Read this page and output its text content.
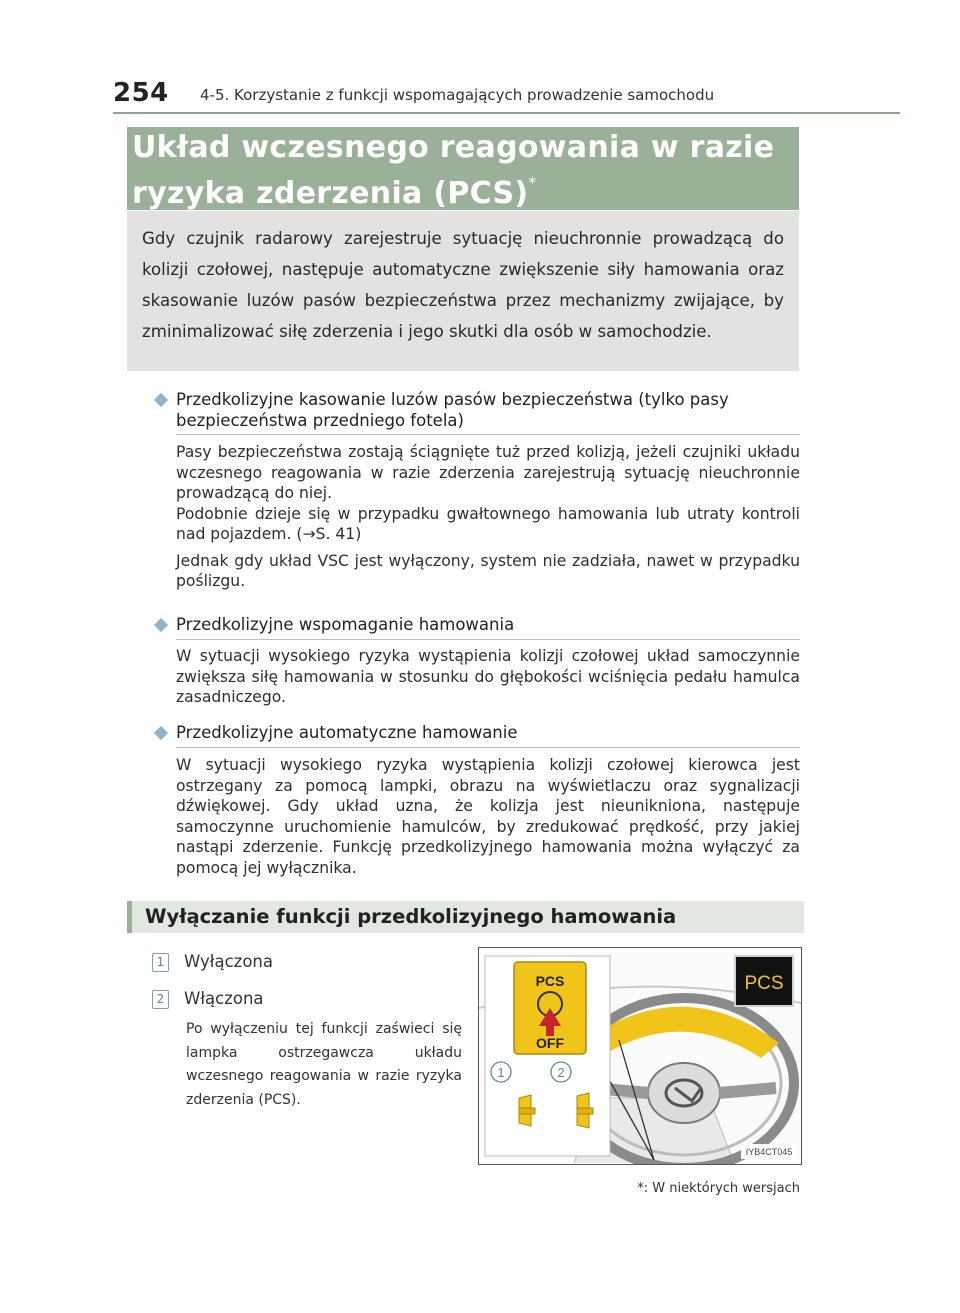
254 4-5. Korzystanie z funkcji wspomagających prowadzenie samochodu
Układ wczesnego reagowania w razie
ryzyka zderzenia (PCS)*
Gdy czujnik radarowy zarejestruje sytuację nieuchronnie prowadzącą do kolizji czołowej, następuje automatyczne zwiększenie siły hamowania oraz skasowanie luzów pasów bezpieczeństwa przez mechanizmy zwijające, by zminimalizować siłę zderzenia i jego skutki dla osób w samochodzie.
Przedkolizyjne kasowanie luzów pasów bezpieczeństwa (tylko pasy bezpieczeństwa przedniego fotela)

Pasy bezpieczeństwa zostają ściągnięte tuż przed kolizją, jeżeli czujniki układu wczesnego reagowania w razie zderzenia zarejestrują sytuację nieuchronnie prowadzącą do niej.

Podobnie dzieje się w przypadku gwałtownego hamowania lub utraty kontroli nad pojazdem. (→S. 41)

Jednak gdy układ VSC jest wyłączony, system nie zadziała, nawet w przypadku poślizgu.

Przedkolizyjne wspomaganie hamowania

W sytuacji wysokiego ryzyka wystąpienia kolizji czołowej układ samoczynnie zwiększa siłę hamowania w stosunku do głębokości wciśnięcia pedału hamulca zasadniczego.

Przedkolizyjne automatyczne hamowanie

W sytuacji wysokiego ryzyka wystąpienia kolizji czołowej kierowca jest ostrzegany za pomocą lampki, obrazu na wyświetlaczu oraz sygnalizacji dźwiękowej. Gdy układ uzna, że kolizja jest nieunikniona, następuje samoczynne uruchomienie hamulców, by zredukować prędkość, przy jakiej nastąpi zderzenie. Funkcję przedkolizyjnego hamowania można wyłączyć za pomocą jej wyłącznika.

Wyłączanie funkcji przedkolizyjnego hamowania
1 Wyłączona
2 Włączona
Po wyłączeniu tej funkcji zaświeci się lampka ostrzegawcza układu wczesnego reagowania w razie ryzyka zderzenia (PCS).
PCS
PCS
OFF
1	2
IYB4CT045
*: W niektórych wersjach
